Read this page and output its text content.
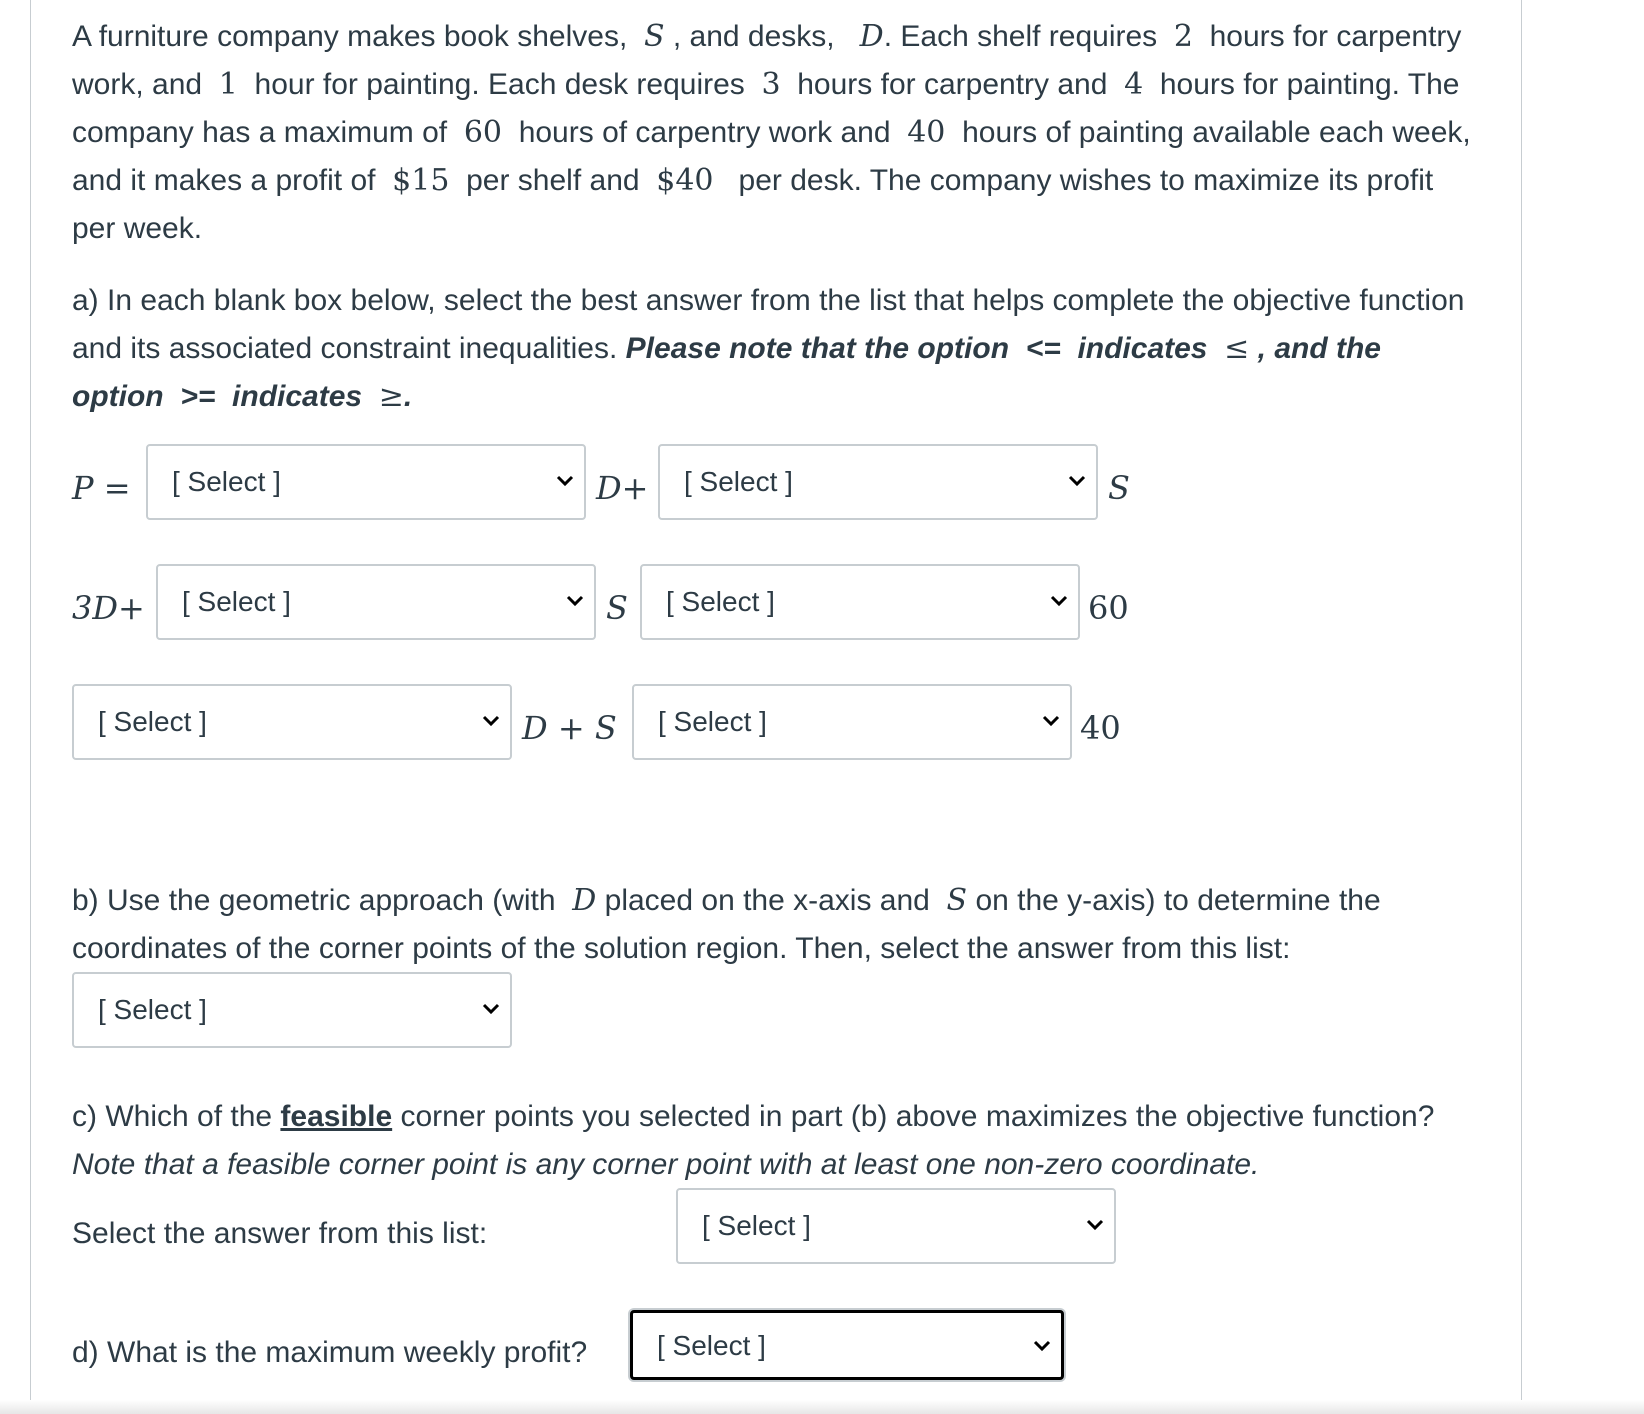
A furniture company makes book shelves, S , and desks, D. Each shelf requires 2 hours for carpentry work, and 1 hour for painting. Each desk requires 3 hours for carpentry and 4 hours for painting. The company has a maximum of 60 hours of carpentry work and 40 hours of painting available each week, and it makes a profit of $15 per shelf and $40 per desk. The company wishes to maximize its profit per week.

a) In each blank box below, select the best answer from the list that helps complete the objective function and its associated constraint inequalities. Please note that the option <= indicates ≤ , and the option >= indicates ≥.

P =	[ Select ]	D+	[ Select ]	S
3D+	[ Select ]	S	[ Select ]	60
[ Select ]	D + S	[ Select ]	40

b) Use the geometric approach (with D placed on the x-axis and S on the y-axis) to determine the coordinates of the corner points of the solution region. Then, select the answer from this list:

[ Select ]

c) Which of the feasible corner points you selected in part (b) above maximizes the objective function? Note that a feasible corner point is any corner point with at least one non-zero coordinate.

Select the answer from this list:	[ Select ]

d) What is the maximum weekly profit?	[ Select ]
